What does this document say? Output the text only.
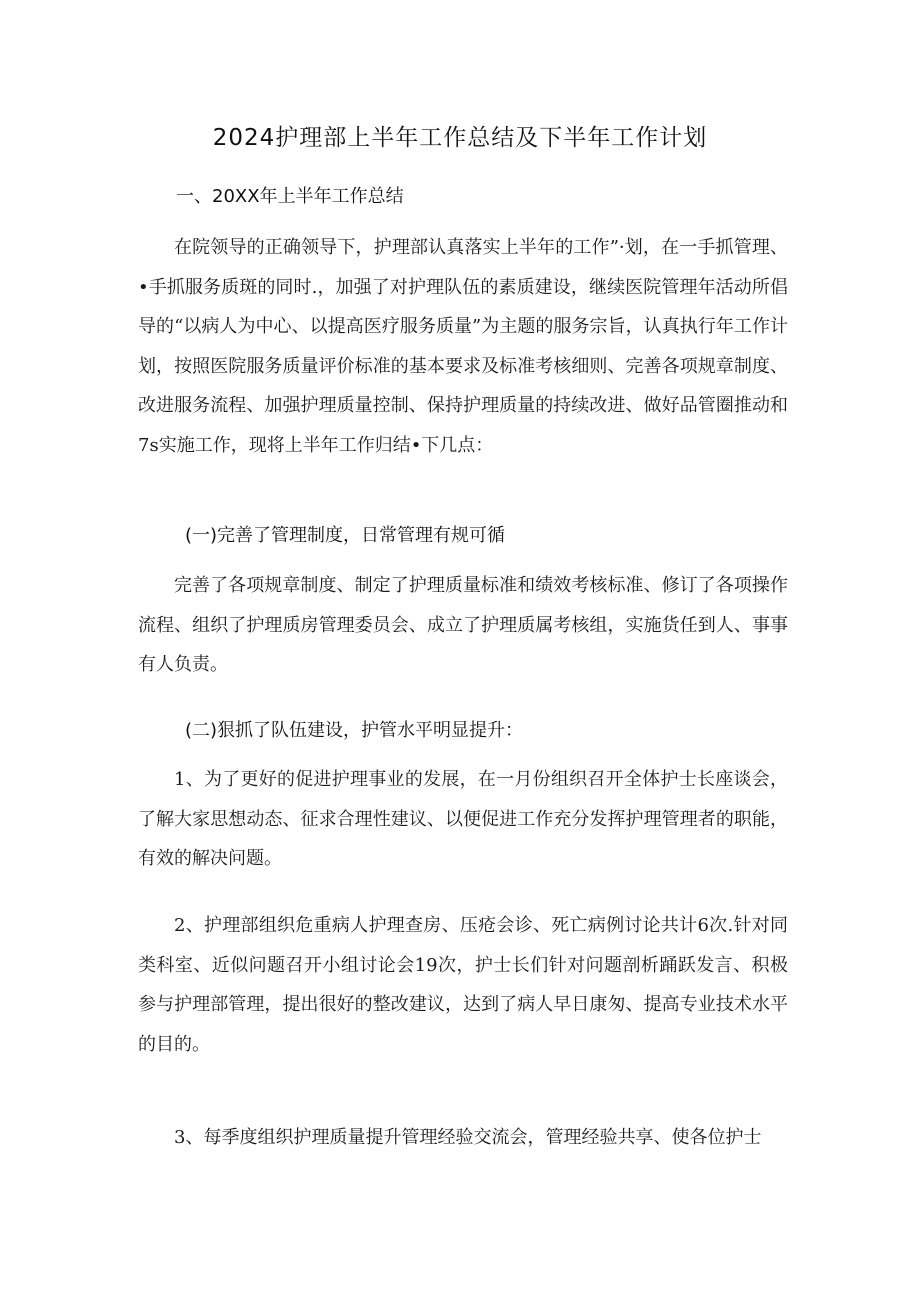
2024护理部上半年工作总结及下半年工作计划
一、20XX年上半年工作总结

在院领导的正确领导下，护理部认真落实上半年的工作”·划，在一手抓管理、•手抓服务质斑的同时.，加强了对护理队伍的素质建设，继续医院管理年活动所倡导的“以病人为中心、以提高医疗服务质量”为主题的服务宗旨，认真执行年工作计划，按照医院服务质量评价标准的基本要求及标准考核细则、完善各项规章制度、改进服务流程、加强护理质量控制、保持护理质量的持续改进、做好品管圈推动和7s实施工作，现将上半年工作归结•下几点：

(一)完善了管理制度，日常管理有规可循

完善了各项规章制度、制定了护理质量标准和绩效考核标准、修订了各项操作流程、组织了护理质房管理委员会、成立了护理质属考核组，实施货任到人、事事有人负责。

(二)狠抓了队伍建设，护管水平明显提升：

1、为了更好的促进护理事业的发展，在一月份组织召开全体护士长座谈会，了解大家思想动态、征求合理性建议、以便促进工作充分发挥护理管理者的职能，有效的解决问题。

2、护理部组织危重病人护理查房、压疮会诊、死亡病例讨论共计6次.针对同类科室、近似问题召开小组讨论会19次，护士长们针对问题剖析踊跃发言、积极参与护理部管理，提出很好的整改建议，达到了病人早日康匆、提高专业技术水平的目的。

3、每季度组织护理质量提升管理经验交流会，管理经验共享、使各位护士
